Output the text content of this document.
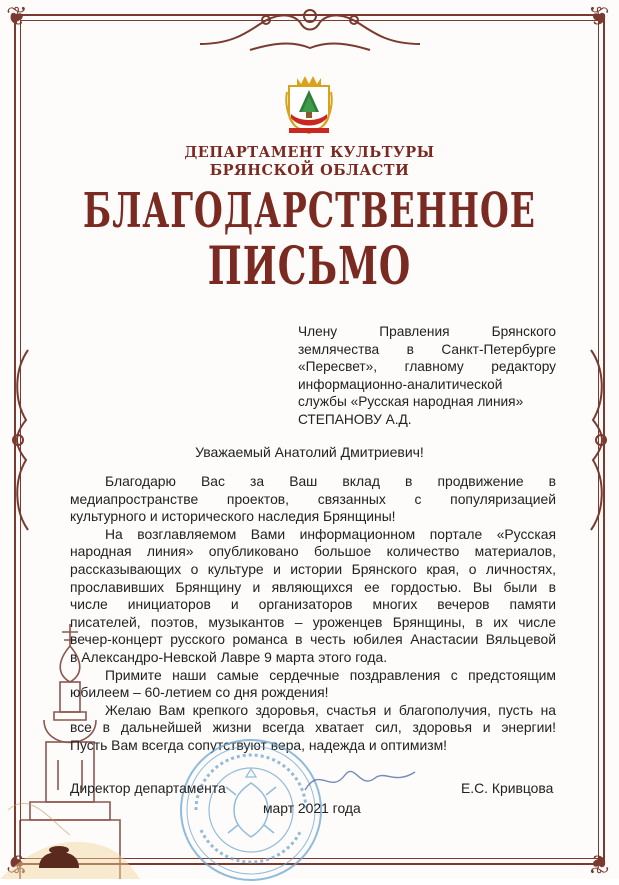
❦	❦
❦	❦
ДЕПАРТАМЕНТ КУЛЬТУРЫ
БРЯНСКОЙ ОБЛАСТИ
БЛАГОДАРСТВЕННОЕ
ПИСЬМО
Члену Правления Брянского
землячества в Санкт-Петербурге
«Пересвет», главному редактору
информационно-аналитической
службы «Русская народная линия»
СТЕПАНОВУ А.Д.
Уважаемый Анатолий Дмитриевич!
Благодарю Вас за Ваш вклад в продвижение в
медиапространстве проектов, связанных с популяризацией
культурного и исторического наследия Брянщины!
На возглавляемом Вами информационном портале «Русская
народная линия» опубликовано большое количество материалов,
рассказывающих о культуре и истории Брянского края, о личностях,
прославивших Брянщину и являющихся ее гордостью. Вы были в
числе инициаторов и организаторов многих вечеров памяти
писателей, поэтов, музыкантов – уроженцев Брянщины, в их числе
вечер-концерт русского романса в честь юбилея Анастасии Вяльцевой
в Александро-Невской Лавре 9 марта этого года.
Примите наши самые сердечные поздравления с предстоящим
юбилеем – 60-летием со дня рождения!
Желаю Вам крепкого здоровья, счастья и благополучия, пусть на
все в дальнейшей жизни всегда хватает сил, здоровья и энергии!
Пусть Вам всегда сопутствуют вера, надежда и оптимизм!
Директор департамента	Е.С. Кривцова
март 2021 года
